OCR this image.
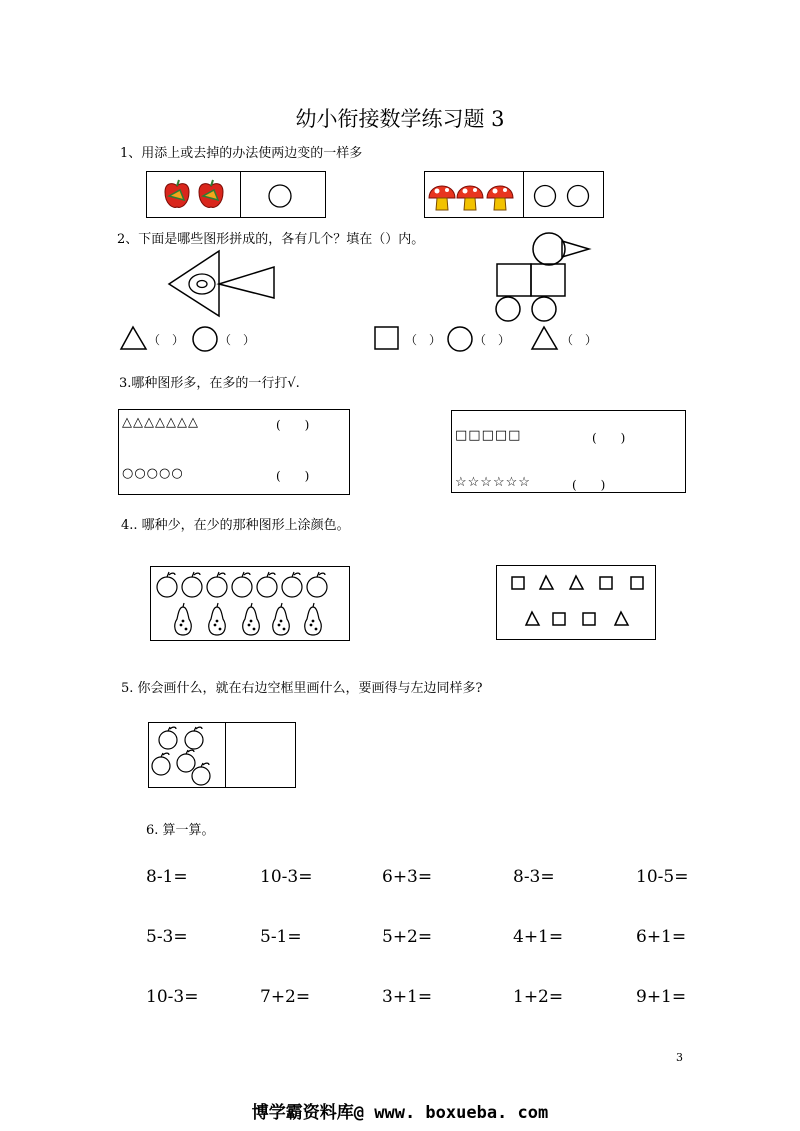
幼小衔接数学练习题 3
1、用添上或去掉的办法使两边变的一样多
2、下面是哪些图形拼成的，各有几个？填在（）内。
（　）	（　）	（　）	（　）	（　）
3.哪种图形多，在多的一行打√.
△△△△△△△	(　　)
○○○○○	(　　)
□□□□□	(　　)
☆☆☆☆☆☆	(　　)
4.. 哪种少，在少的那种图形上涂颜色。
5. 你会画什么，就在右边空框里画什么，要画得与左边同样多?
6. 算一算。
8-1=	10-3=	6+3=	8-3=	10-5=
5-3=	5-1=	5+2=	4+1=	6+1=
10-3=	7+2=	3+1=	1+2=	9+1=
3
博学霸资料库@ www. boxueba. com
